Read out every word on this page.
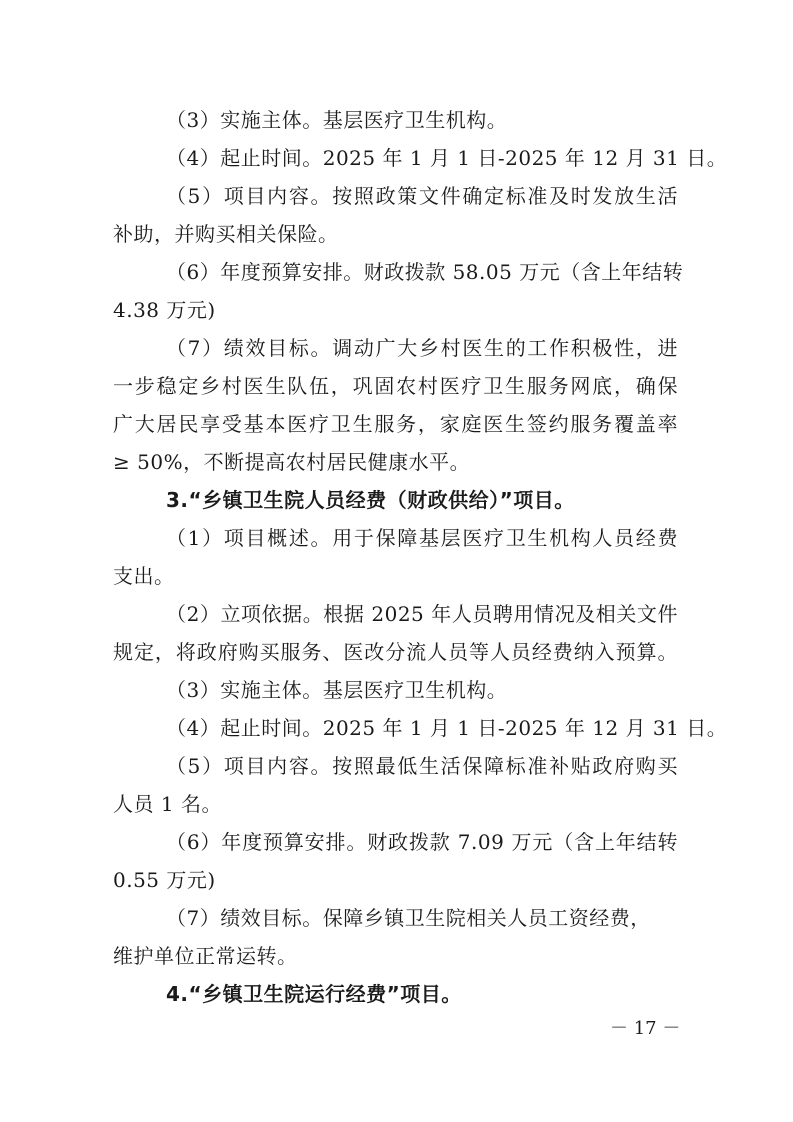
（3）实施主体。基层医疗卫生机构。
（4）起止时间。2025 年 1 月 1 日-2025 年 12 月 31 日。
（5）项目内容。按照政策文件确定标准及时发放生活
补助，并购买相关保险。
（6）年度预算安排。财政拨款 58.05 万元（含上年结转
4.38 万元)
（7）绩效目标。调动广大乡村医生的工作积极性，进
一步稳定乡村医生队伍，巩固农村医疗卫生服务网底，确保
广大居民享受基本医疗卫生服务，家庭医生签约服务覆盖率
≥ 50%，不断提高农村居民健康水平。
3.“乡镇卫生院人员经费（财政供给）”项目。
（1）项目概述。用于保障基层医疗卫生机构人员经费
支出。
（2）立项依据。根据 2025 年人员聘用情况及相关文件
规定，将政府购买服务、医改分流人员等人员经费纳入预算。
（3）实施主体。基层医疗卫生机构。
（4）起止时间。2025 年 1 月 1 日-2025 年 12 月 31 日。
（5）项目内容。按照最低生活保障标准补贴政府购买
人员 1 名。
（6）年度预算安排。财政拨款 7.09 万元（含上年结转
0.55 万元)
（7）绩效目标。保障乡镇卫生院相关人员工资经费，
维护单位正常运转。
4.“乡镇卫生院运行经费”项目。
－ 17 －
